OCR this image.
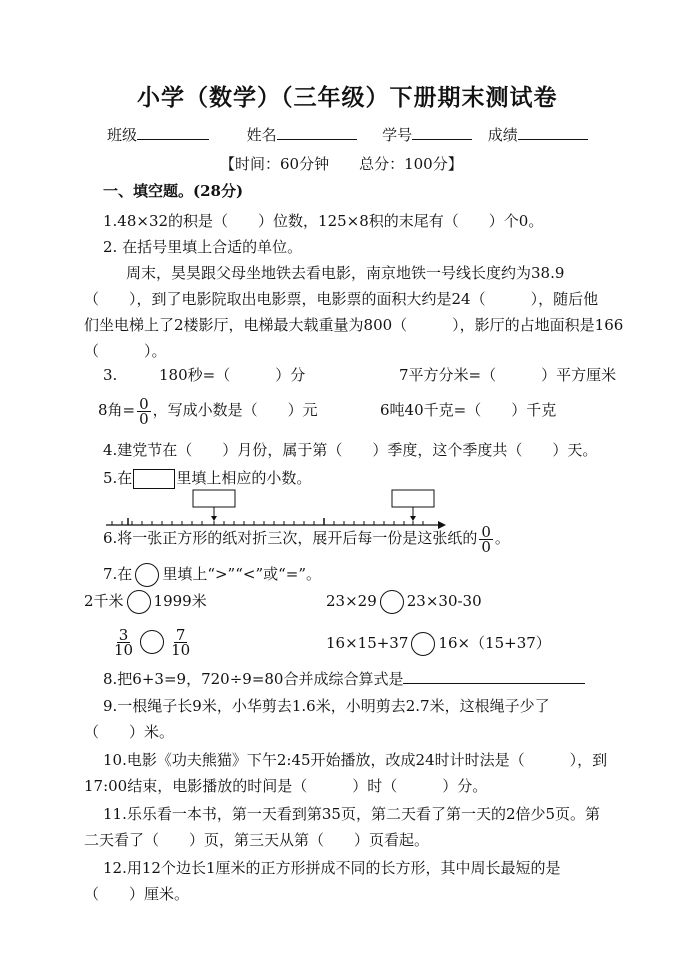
小学（数学）（三年级）下册期末测试卷
班级	姓名	学号	成绩
【时间：60分钟　　总分：100分】
一、填空题。(28分)
1.48×32的积是（　　）位数，125×8积的末尾有（　　）个0。
2. 在括号里填上合适的单位。
周末，昊昊跟父母坐地铁去看电影，南京地铁一号线长度约为38.9
（　　），到了电影院取出电影票，电影票的面积大约是24（　　　），随后他
们坐电梯上了2楼影厅，电梯最大载重量为800（　　　），影厅的占地面积是166
（　　　）。
3.	180秒=（　　　）分	7平方分米=（　　　）平方厘米
8角= $\frac{0}{0}$ ，写成小数是（　　）元	6吨40千克=（　　）千克
4.建党节在（　　）月份，属于第（　　）季度，这个季度共（　　）天。
5.在	里填上相应的小数。
6.将一张正方形的纸对折三次，展开后每一份是这张纸的 $\frac{0}{0}$ 。
7.在 里填上“>”“<”或“=”。
2千米 1999米	23×29 23×30-30
$\frac{3}{10} \frac{7}{10}$	16×15+37 16×（15+37）
8.把6+3=9，720÷9=80合并成综合算式是
9.一根绳子长9米，小华剪去1.6米，小明剪去2.7米，这根绳子少了
（　　）米。
10.电影《功夫熊猫》下午2:45开始播放，改成24时计时法是（　　　），到
17:00结束，电影播放的时间是（　　　）时（　　　）分。
11.乐乐看一本书，第一天看到第35页，第二天看了第一天的2倍少5页。第
二天看了（　　）页，第三天从第（　　）页看起。
12.用12个边长1厘米的正方形拼成不同的长方形，其中周长最短的是
（　　）厘米。
